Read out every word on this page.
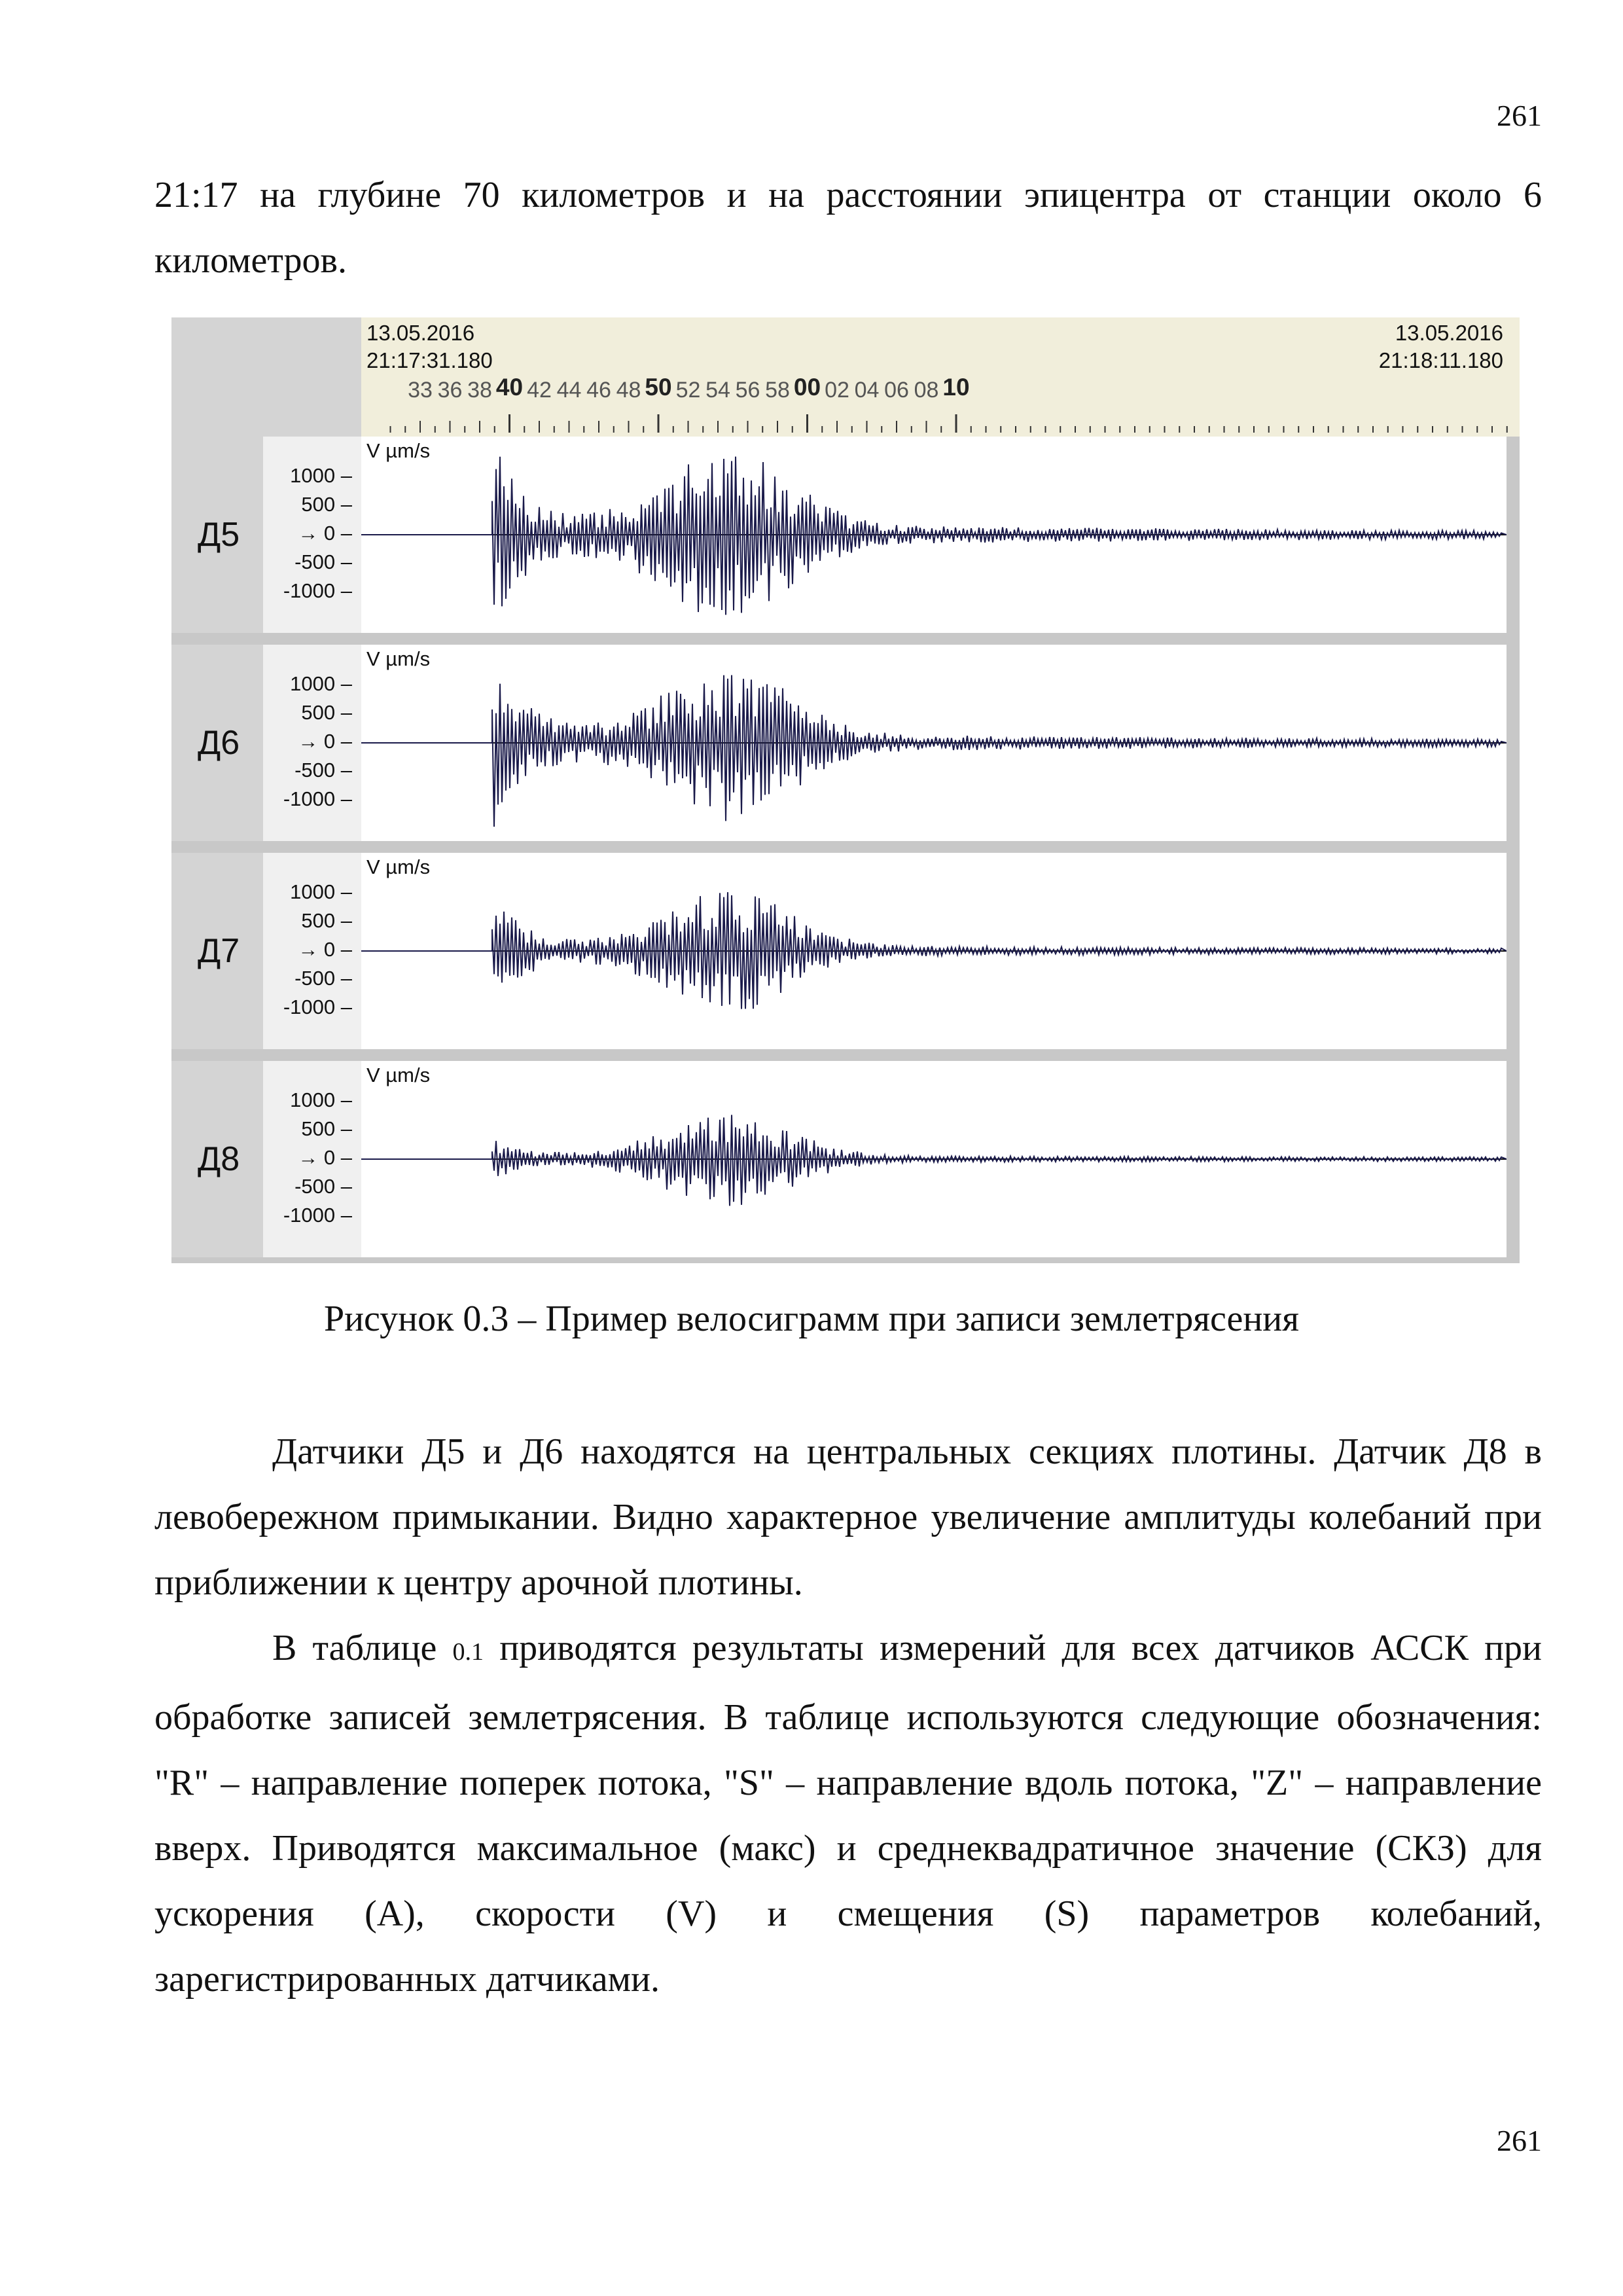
261

21:17 на глубине 70 километров и на расстоянии эпицентра от станции около 6 километров.

13.05.2016
21:17:31.180
13.05.2016
21:18:11.180
33 36 38 40 42 44 46 48 50 52 54 56 58 00 02 04 06 08 10
Д5
1000 –
500 –
→ 0 –
-500 –
-1000 –
V µm/s
Д6
1000 –
500 –
→ 0 –
-500 –
-1000 –
V µm/s
Д7
1000 –
500 –
→ 0 –
-500 –
-1000 –
V µm/s
Д8
1000 –
500 –
→ 0 –
-500 –
-1000 –
V µm/s
Рисунок 0.3 – Пример велосиграмм при записи землетрясения

Датчики Д5 и Д6 находятся на центральных секциях плотины. Датчик Д8 в левобережном примыкании. Видно характерное увеличение амплитуды колебаний при приближении к центру арочной плотины.

В таблице 0.1 приводятся результаты измерений для всех датчиков АССК при обработке записей землетрясения. В таблице используются следующие обозначения: "R" – направление поперек потока, "S" – направление вдоль потока, "Z" – направление вверх. Приводятся максимальное (макс) и среднеквадратичное значение (СКЗ) для ускорения (А), скорости (V) и смещения (S) параметров колебаний, зарегистрированных датчиками.

261
